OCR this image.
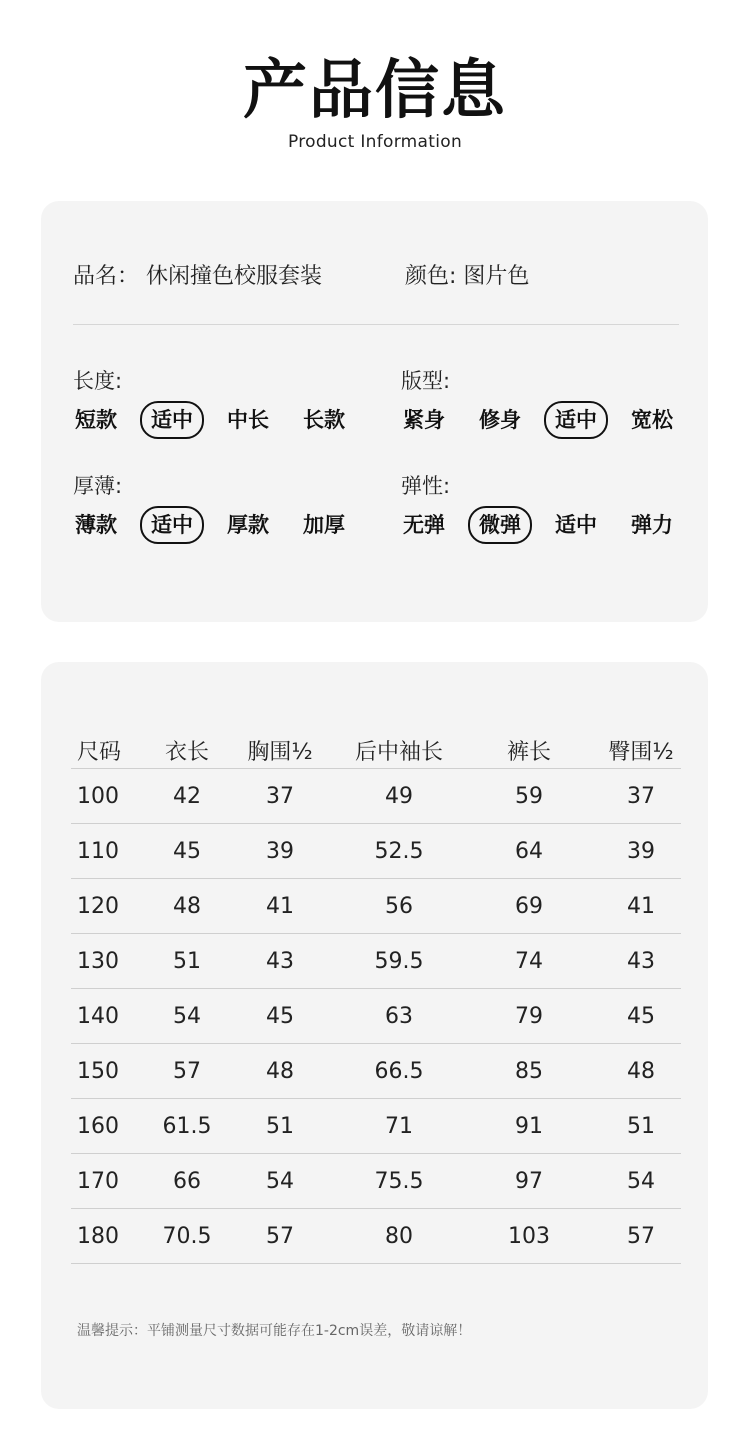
产品信息
Product Information
品名： 休闲撞色校服套装	颜色: 图片色
长度:
短款	适中	中长	长款
版型:
紧身	修身	适中	宽松
厚薄:
薄款	适中	厚款	加厚
弹性:
无弹	微弹	适中	弹力
尺码	衣长	胸围½	后中袖长	裤长	臀围½
100	42	37	49	59	37
110	45	39	52.5	64	39
120	48	41	56	69	41
130	51	43	59.5	74	43
140	54	45	63	79	45
150	57	48	66.5	85	48
160	61.5	51	71	91	51
170	66	54	75.5	97	54
180	70.5	57	80	103	57
温馨提示：平铺测量尺寸数据可能存在1-2cm误差，敬请谅解！
